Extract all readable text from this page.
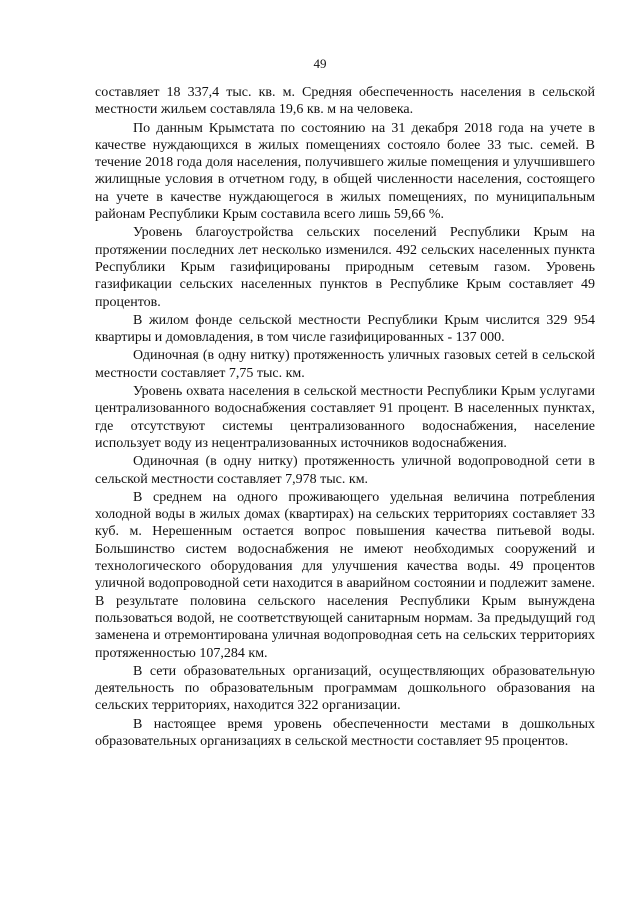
49

составляет 18 337,4 тыс. кв. м. Средняя обеспеченность населения в сельской местности жильем составляла 19,6 кв. м на человека.

По данным Крымстата по состоянию на 31 декабря 2018 года на учете в качестве нуждающихся в жилых помещениях состояло более 33 тыс. семей. В течение 2018 года доля населения, получившего жилые помещения и улучшившего жилищные условия в отчетном году, в общей численности населения, состоящего на учете в качестве нуждающегося в жилых помещениях, по муниципальным районам Республики Крым составила всего лишь 59,66 %.

Уровень благоустройства сельских поселений Республики Крым на протяжении последних лет несколько изменился. 492 сельских населенных пункта Республики Крым газифицированы природным сетевым газом. Уровень газификации сельских населенных пунктов в Республике Крым составляет 49 процентов.

В жилом фонде сельской местности Республики Крым числится 329 954 квартиры и домовладения, в том числе газифицированных - 137 000.

Одиночная (в одну нитку) протяженность уличных газовых сетей в сельской местности составляет 7,75 тыс. км.

Уровень охвата населения в сельской местности Республики Крым услугами централизованного водоснабжения составляет 91 процент. В населенных пунктах, где отсутствуют системы централизованного водоснабжения, население использует воду из нецентрализованных источников водоснабжения.

Одиночная (в одну нитку) протяженность уличной водопроводной сети в сельской местности составляет 7,978 тыс. км.

В среднем на одного проживающего удельная величина потребления холодной воды в жилых домах (квартирах) на сельских территориях составляет 33 куб. м. Нерешенным остается вопрос повышения качества питьевой воды. Большинство систем водоснабжения не имеют необходимых сооружений и технологического оборудования для улучшения качества воды. 49 процентов уличной водопроводной сети находится в аварийном состоянии и подлежит замене. В результате половина сельского населения Республики Крым вынуждена пользоваться водой, не соответствующей санитарным нормам. За предыдущий год заменена и отремонтирована уличная водопроводная сеть на сельских территориях протяженностью 107,284 км.

В сети образовательных организаций, осуществляющих образовательную деятельность по образовательным программам дошкольного образования на сельских территориях, находится 322 организации.

В настоящее время уровень обеспеченности местами в дошкольных образовательных организациях в сельской местности составляет 95 процентов.
